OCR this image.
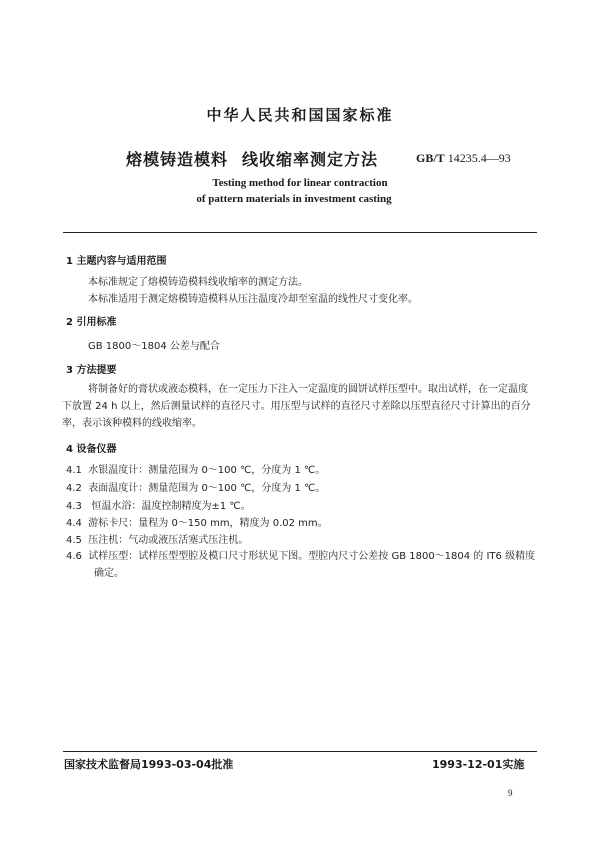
中华人民共和国国家标准
熔模铸造模料 线收缩率测定方法	GB/T 14235.4—93
Testing method for linear contraction
of pattern materials in investment casting
1 主题内容与适用范围
本标准规定了熔模铸造模料线收缩率的测定方法。
本标准适用于测定熔模铸造模料从压注温度冷却至室温的线性尺寸变化率。
2 引用标准
GB 1800～1804 公差与配合
3 方法提要
将制备好的膏状或液态模料，在一定压力下注入一定温度的圆饼试样压型中。取出试样，在一定温度下放置 24 h 以上，然后测量试样的直径尺寸。用压型与试样的直径尺寸差除以压型直径尺寸计算出的百分率，表示该种模料的线收缩率。
4 设备仪器
4.1 水银温度计：测量范围为 0～100 ℃，分度为 1 ℃。
4.2 表面温度计：测量范围为 0～100 ℃，分度为 1 ℃。
4.3 恒温水浴：温度控制精度为±1 ℃。
4.4 游标卡尺：量程为 0～150 mm，精度为 0.02 mm。
4.5 压注机：气动或液压活塞式压注机。
4.6 试样压型：试样压型型腔及模口尺寸形状见下图。型腔内尺寸公差按 GB 1800～1804 的 IT6 级精度确定。
国家技术监督局1993-03-04批准	1993-12-01实施
9
